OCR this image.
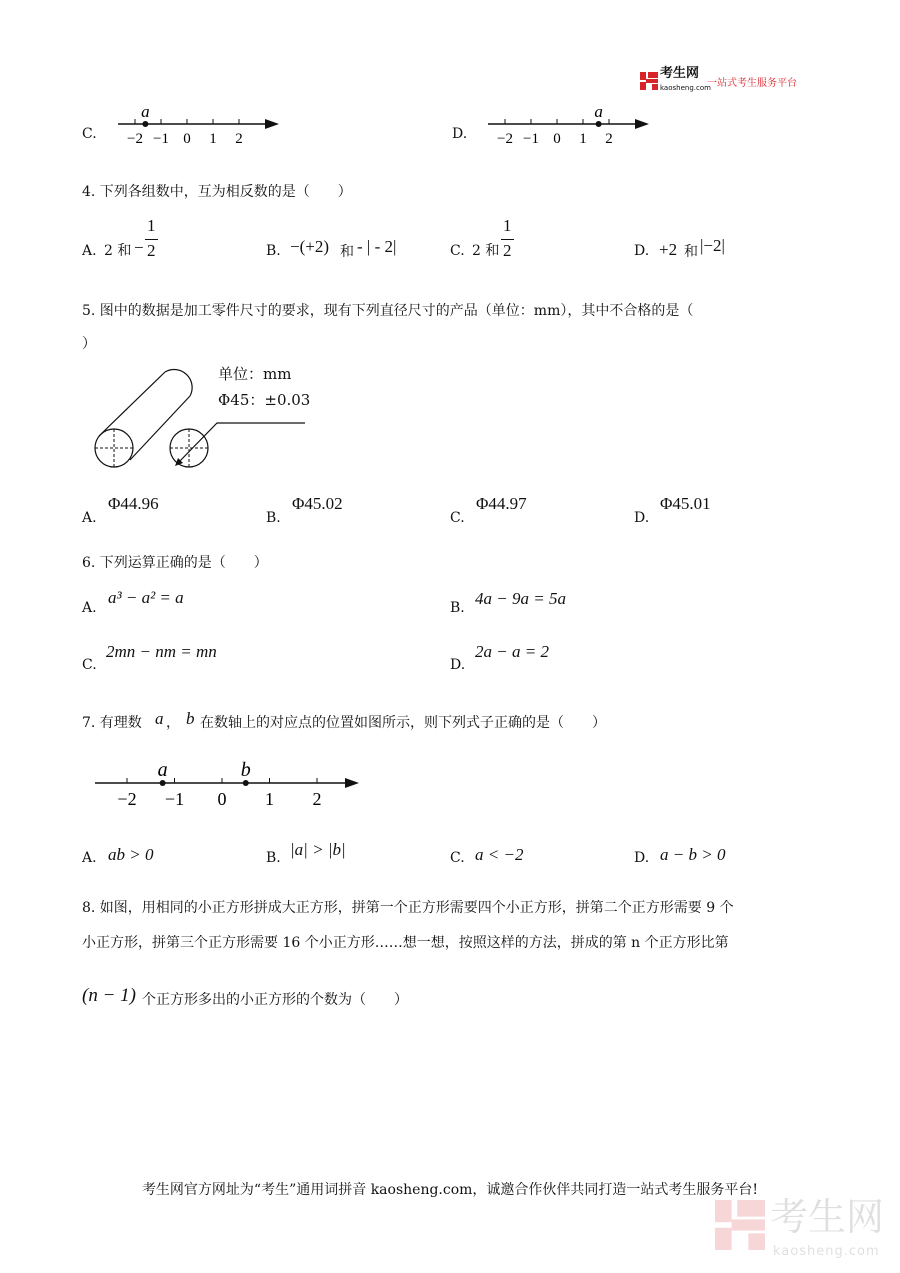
考生网
kaosheng.com
一站式考生服务平台
C. −2 −1 0 1 2
a
D. −2 −1 0 1 2
a
4. 下列各组数中，互为相反数的是（　　）
A. 2 和 −
1
2	B. −(+2) 和 - | - 2|	C. 2 和
1
2	D. +2 和 |−2|
5. 图中的数据是加工零件尺寸的要求，现有下列直径尺寸的产品（单位：mm），其中不合格的是（
）
单位：mm
Φ45：±0.03
A.
Φ44.96
B.
Φ45.02
C.
Φ44.97
D.
Φ45.01
6. 下列运算正确的是（　　）
A.
a³ − a² = a
B. 4a − 9a = 5a
C.
2mn − nm = mn
D.
2a − a = 2
7. 有理数 a ， b 在数轴上的对应点的位置如图所示，则下列式子正确的是（　　）
−2 −1 0 1 2
a	b
A. ab > 0	B. |a| > |b|	C. a < −2	D. a − b > 0
8. 如图，用相同的小正方形拼成大正方形，拼第一个正方形需要四个小正方形，拼第二个正方形需要 9 个
小正方形，拼第三个正方形需要 16 个小正方形……想一想，按照这样的方法，拼成的第 n 个正方形比第
(n − 1) 个正方形多出的小正方形的个数为（　　）
考生网官方网址为“考生”通用词拼音 kaosheng.com，诚邀合作伙伴共同打造一站式考生服务平台!
考生网
kaosheng.com
